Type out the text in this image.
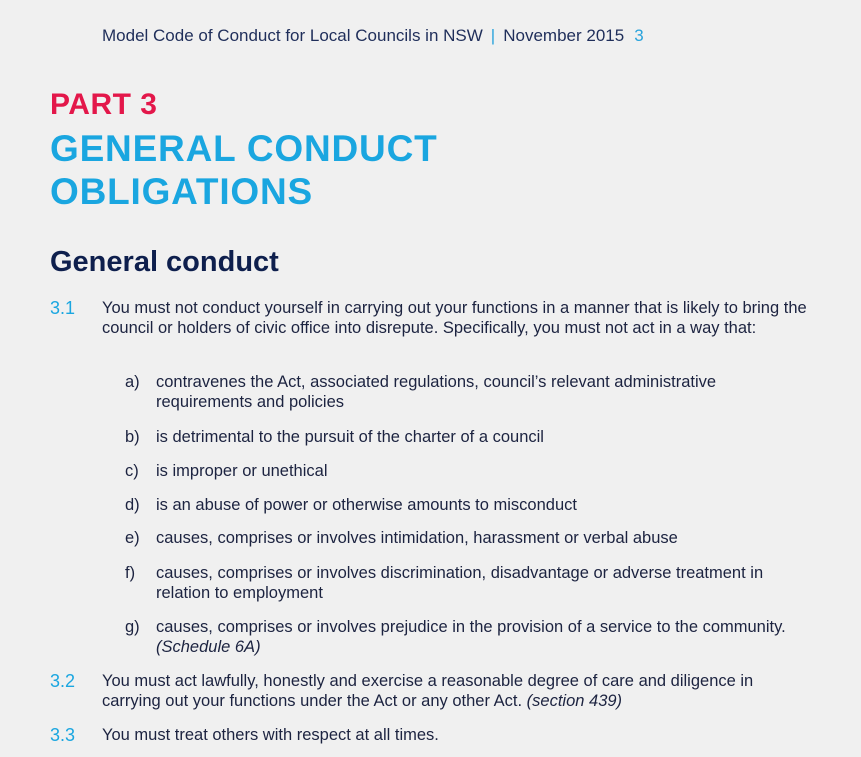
Model Code of Conduct for Local Councils in NSW | November 2015 3
PART 3
GENERAL CONDUCT OBLIGATIONS
General conduct
3.1 You must not conduct yourself in carrying out your functions in a manner that is likely to bring the council or holders of civic office into disrepute. Specifically, you must not act in a way that:
a) contravenes the Act, associated regulations, council’s relevant administrative requirements and policies
b) is detrimental to the pursuit of the charter of a council
c) is improper or unethical
d) is an abuse of power or otherwise amounts to misconduct
e) causes, comprises or involves intimidation, harassment or verbal abuse
f) causes, comprises or involves discrimination, disadvantage or adverse treatment in relation to employment
g) causes, comprises or involves prejudice in the provision of a service to the community. (Schedule 6A)
3.2 You must act lawfully, honestly and exercise a reasonable degree of care and diligence in carrying out your functions under the Act or any other Act. (section 439)
3.3 You must treat others with respect at all times.
